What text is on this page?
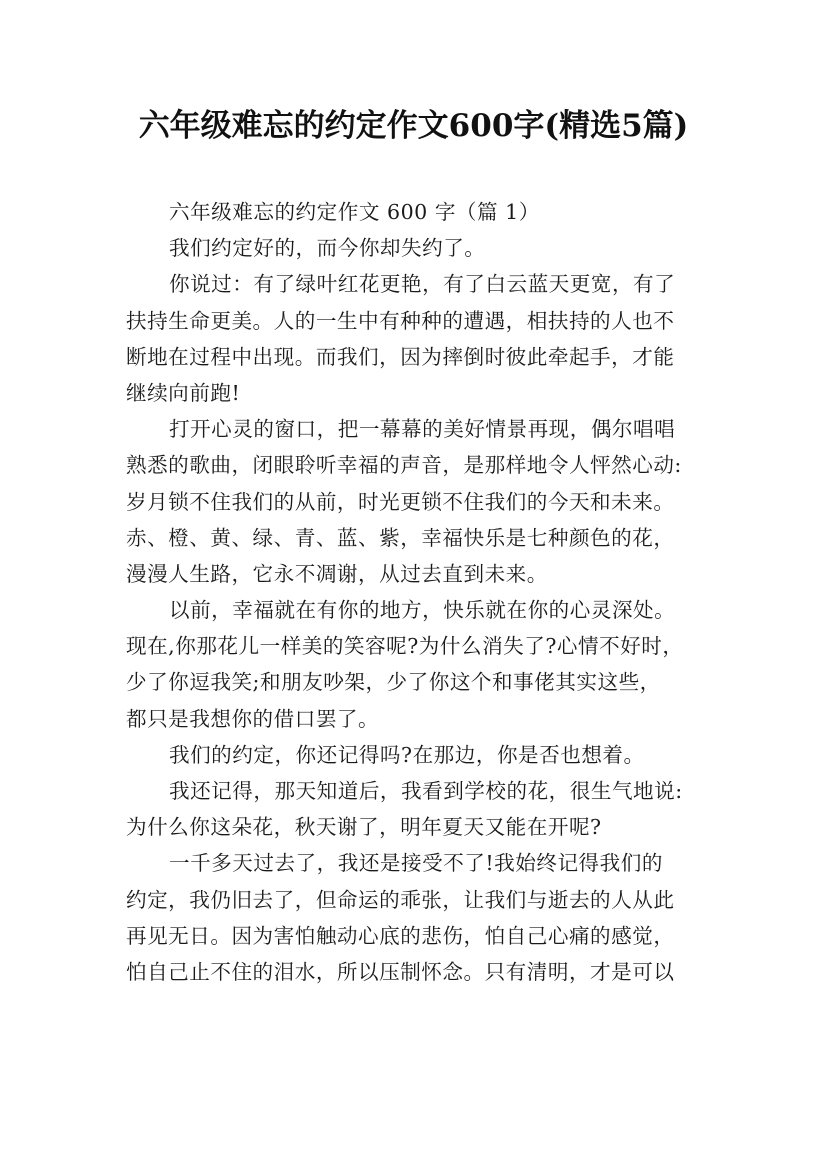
六年级难忘的约定作文600字(精选5篇)
六年级难忘的约定作文 600 字（篇 1）
我们约定好的，而今你却失约了。
你说过：有了绿叶红花更艳，有了白云蓝天更宽，有了
扶持生命更美。人的一生中有种种的遭遇，相扶持的人也不
断地在过程中出现。而我们，因为摔倒时彼此牵起手，才能
继续向前跑!
打开心灵的窗口，把一幕幕的美好情景再现，偶尔唱唱
熟悉的歌曲，闭眼聆听幸福的声音，是那样地令人怦然心动:
岁月锁不住我们的从前，时光更锁不住我们的今天和未来。
赤、橙、黄、绿、青、蓝、紫，幸福快乐是七种颜色的花，
漫漫人生路，它永不凋谢，从过去直到未来。
以前，幸福就在有你的地方，快乐就在你的心灵深处。
现在,你那花儿一样美的笑容呢?为什么消失了?心情不好时，
少了你逗我笑;和朋友吵架，少了你这个和事佬其实这些，
都只是我想你的借口罢了。
我们的约定，你还记得吗?在那边，你是否也想着。
我还记得，那天知道后，我看到学校的花，很生气地说:
为什么你这朵花，秋天谢了，明年夏天又能在开呢?
一千多天过去了，我还是接受不了!我始终记得我们的
约定，我仍旧去了，但命运的乖张，让我们与逝去的人从此
再见无日。因为害怕触动心底的悲伤，怕自己心痛的感觉，
怕自己止不住的泪水，所以压制怀念。只有清明，才是可以
